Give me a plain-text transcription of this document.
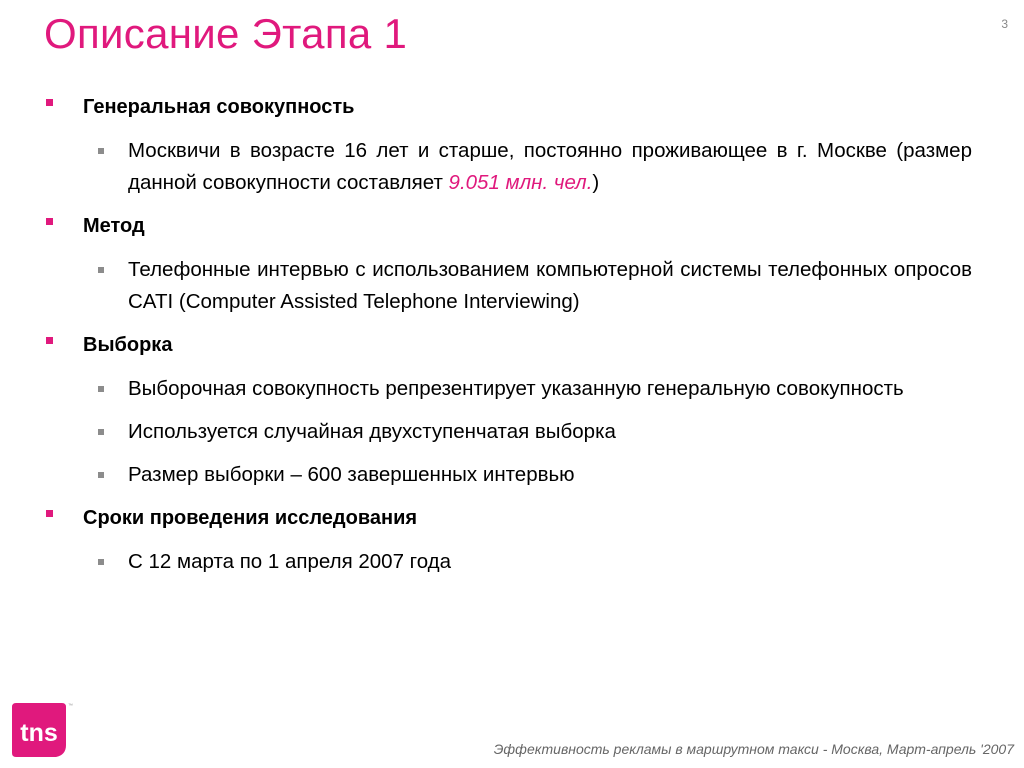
Описание Этапа 1	3
Генеральная совокупность
Москвичи в возрасте 16 лет и старше, постоянно проживающее в г. Москве (размер данной совокупности составляет 9.051 млн. чел.)
Метод
Телефонные интервью с использованием компьютерной системы телефонных опросов CATI (Computer Assisted Telephone Interviewing)
Выборка
Выборочная совокупность репрезентирует указанную генеральную совокупность
Используется случайная двухступенчатая выборка
Размер выборки – 600 завершенных интервью
Сроки проведения исследования
С 12 марта по 1 апреля 2007 года
tns
™
Эффективность рекламы в маршрутном такси - Москва, Март-апрель '2007
